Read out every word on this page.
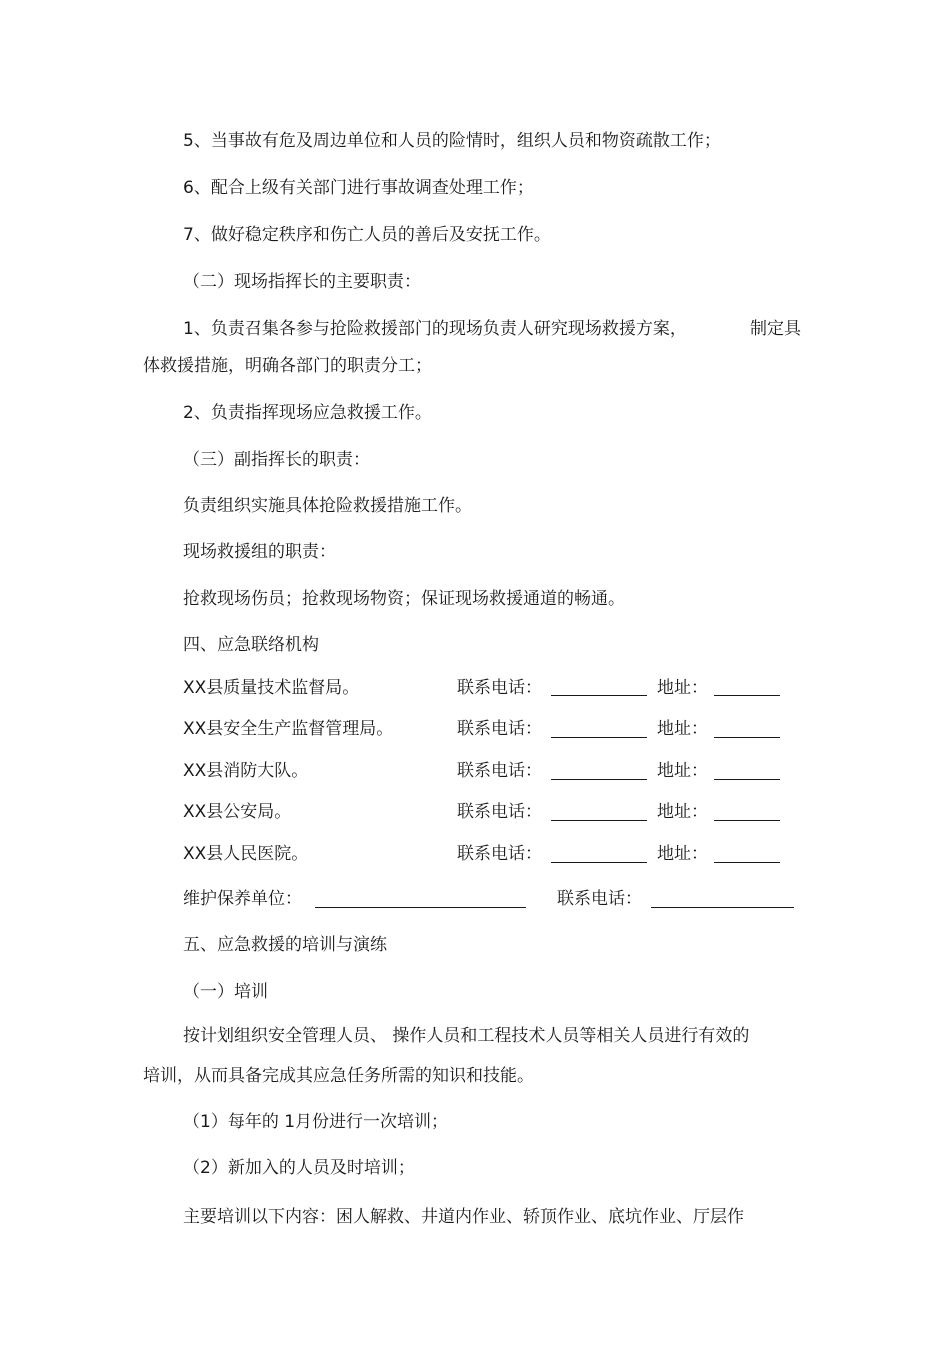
5、当事故有危及周边单位和人员的险情时，组织人员和物资疏散工作；
6、配合上级有关部门进行事故调查处理工作；
7、做好稳定秩序和伤亡人员的善后及安抚工作。
（二）现场指挥长的主要职责：
1、负责召集各参与抢险救援部门的现场负责人研究现场救援方案，	制定具
体救援措施，明确各部门的职责分工；
2、负责指挥现场应急救援工作。
（三）副指挥长的职责：
负责组织实施具体抢险救援措施工作。
现场救援组的职责：
抢救现场伤员；抢救现场物资；保证现场救援通道的畅通。
四、应急联络机构
XX县质量技术监督局。	联系电话：	地址：
XX县安全生产监督管理局。	联系电话：	地址：
XX县消防大队。	联系电话：	地址：
XX县公安局。	联系电话：	地址：
XX县人民医院。	联系电话：	地址：
维护保养单位：	联系电话：
五、应急救援的培训与演练
（一）培训
按计划组织安全管理人员、 操作人员和工程技术人员等相关人员进行有效的
培训，从而具备完成其应急任务所需的知识和技能。
（1）每年的 1月份进行一次培训；
（2）新加入的人员及时培训；
主要培训以下内容：困人解救、井道内作业、轿顶作业、底坑作业、厅层作
